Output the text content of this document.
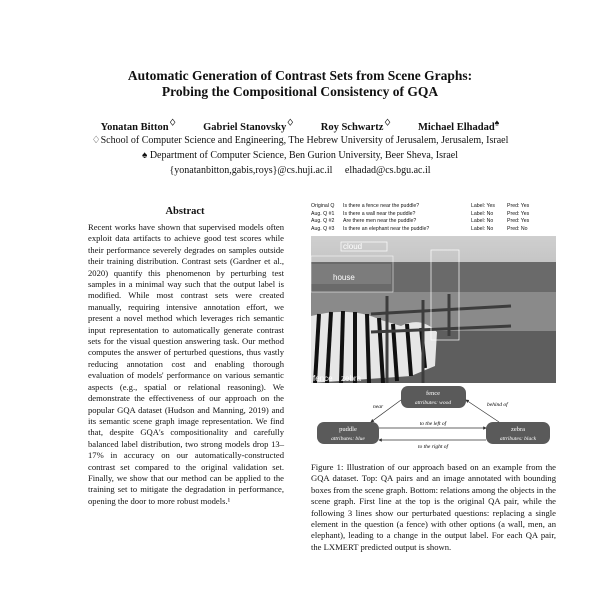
Automatic Generation of Contrast Sets from Scene Graphs:
Probing the Compositional Consistency of GQA
Yonatan Bitton♢	Gabriel Stanovsky♢	Roy Schwartz♢	Michael Elhadad♠
♢School of Computer Science and Engineering, The Hebrew University of Jerusalem, Jerusalem, Israel
♠ Department of Computer Science, Ben Gurion University, Beer Sheva, Israel
{yonatanbitton,gabis,roys}@cs.huji.ac.il     elhadad@cs.bgu.ac.il
Abstract

Recent works have shown that supervised models often exploit data artifacts to achieve good test scores while their performance severely degrades on samples outside their training distribution. Contrast sets (Gardner et al., 2020) quantify this phenomenon by perturbing test samples in a minimal way such that the output label is modified. While most contrast sets were created manually, requiring intensive annotation effort, we present a novel method which leverages rich semantic input representation to automatically generate contrast sets for the visual question answering task. Our method computes the answer of perturbed questions, thus vastly reducing annotation cost and enabling thorough evaluation of models' performance on various semantic aspects (e.g., spatial or relational reasoning). We demonstrate the effectiveness of our approach on the popular GQA dataset (Hudson and Manning, 2019) and its semantic scene graph image representation. We find that, despite GQA's compositionality and carefully balanced label distribution, two strong models drop 13–17% in accuracy on our automatically-constructed contrast set compared to the original validation set. Finally, we show that our method can be applied to the training set to mitigate the degradation in performance, opening the door to more robust models.¹

Original Q	Is there a fence near the puddle?	Label: Yes	Pred: Yes
Aug. Q #1	Is there a wall near the puddle?	Label: No	Pred: Yes
Aug. Q #2	Are there men near the puddle?	Label: No	Pred: Yes
Aug. Q #3	Is there an elephant near the puddle?	Label: No	Pred: No
cloud
house
fence zebra
fence
attributes: wood
puddle
attributes: blue
zebra
attributes: black
near	behind of
to the left of
to the right of
Figure 1: Illustration of our approach based on an example from the GQA dataset. Top: QA pairs and an image annotated with bounding boxes from the scene graph. Bottom: relations among the objects in the scene graph. First line at the top is the original QA pair, while the following 3 lines show our perturbated questions: replacing a single element in the question (a fence) with other options (a wall, men, an elephant), leading to a change in the output label. For each QA pair, the LXMERT predicted output is shown.
